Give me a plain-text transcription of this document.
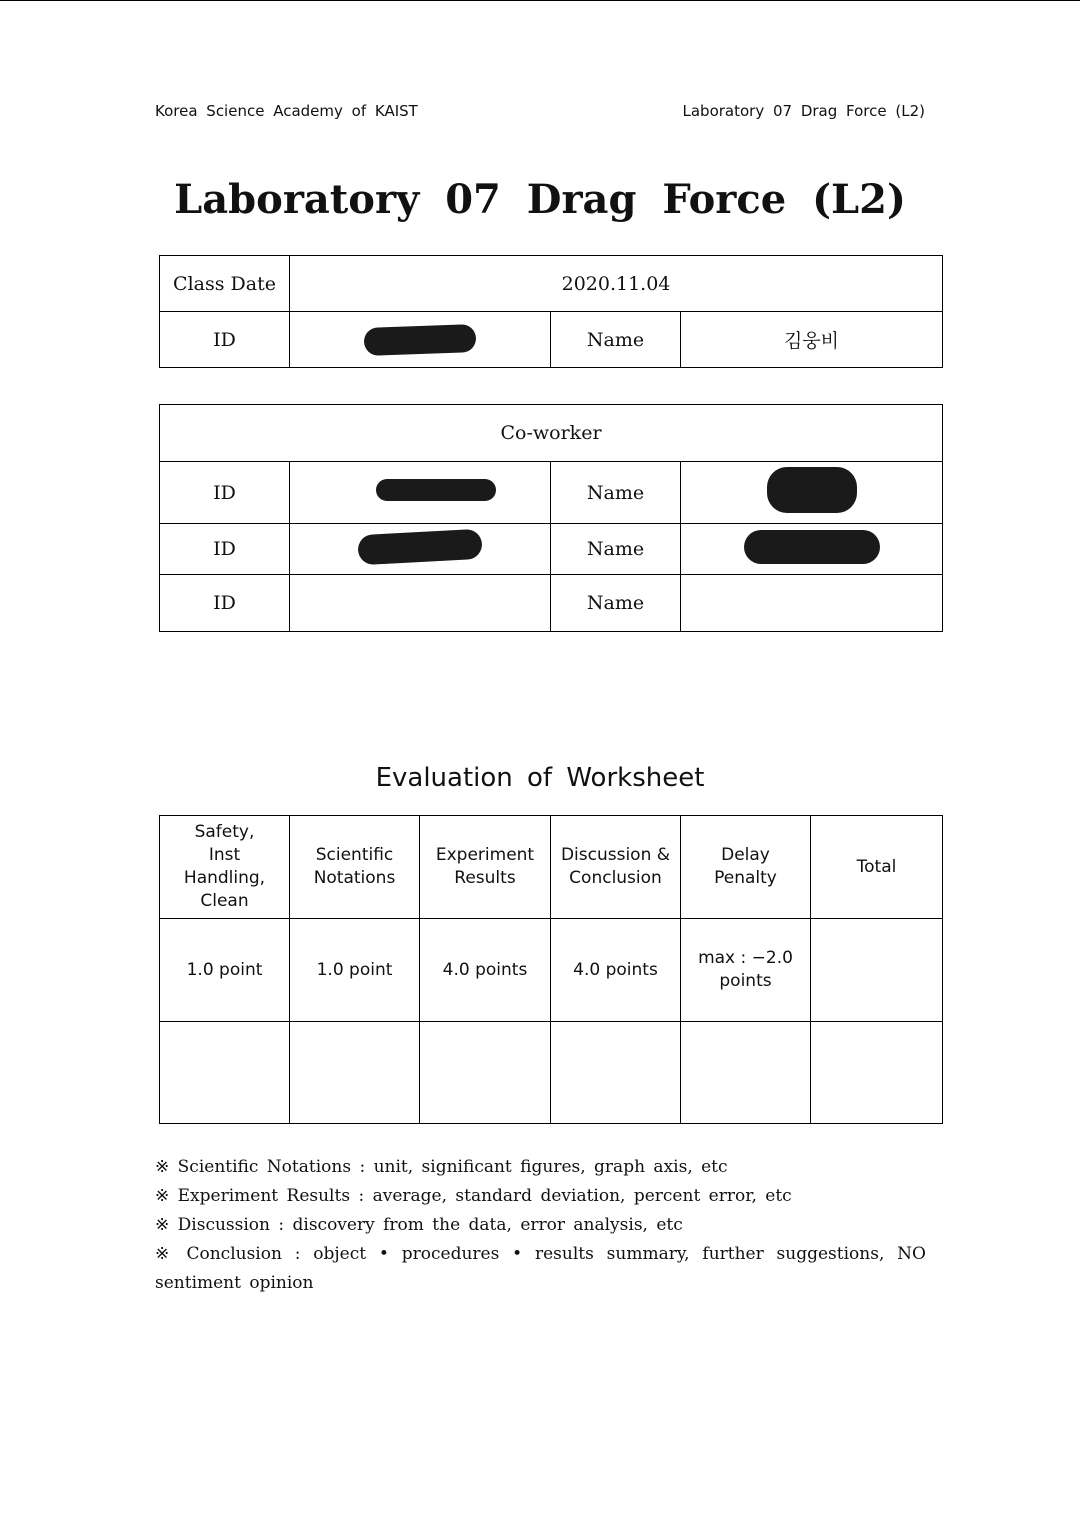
Korea Science Academy of KAIST	Laboratory 07 Drag Force (L2)
Laboratory 07 Drag Force (L2)
Class Date	2020.11.04		
ID		Name	김웅비
Co-worker			
ID		Name	
ID		Name	
ID		Name	
Evaluation of Worksheet
Safety, Inst Handling, Clean	Scientific Notations	Experiment Results	Discussion & Conclusion	Delay Penalty	Total
1.0 point	1.0 point	4.0 points	4.0 points	max : −2.0 points	

※ Scientific Notations : unit, significant figures, graph axis, etc
※ Experiment Results : average, standard deviation, percent error, etc
※ Discussion : discovery from the data, error analysis, etc
※ Conclusion : object • procedures • results summary, further suggestions, NO sentiment opinion
